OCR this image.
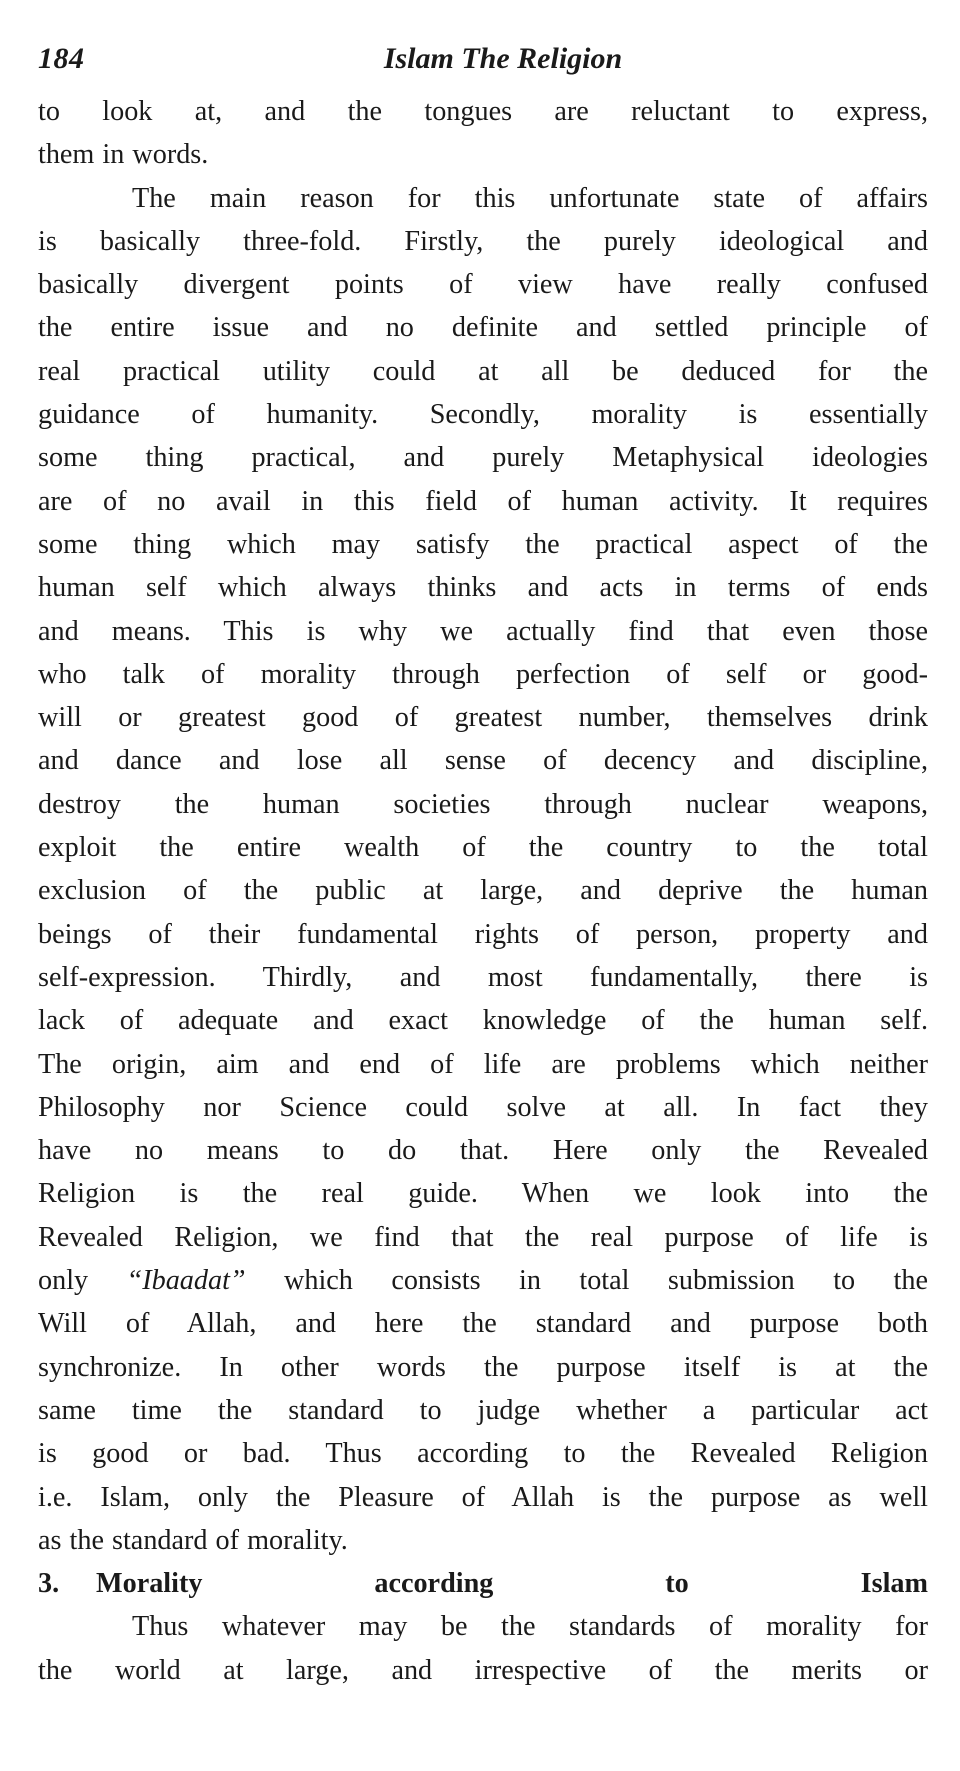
184	Islam The Religion
to look at, and the tongues are reluctant to express,
them in words.
The main reason for this unfortunate state of affairs
is basically three-fold. Firstly, the purely ideological and
basically divergent points of view have really confused
the entire issue and no definite and settled principle of
real practical utility could at all be deduced for the
guidance of humanity. Secondly, morality is essentially
some thing practical, and purely Metaphysical ideologies
are of no avail in this field of human activity. It requires
some thing which may satisfy the practical aspect of the
human self which always thinks and acts in terms of ends
and means. This is why we actually find that even those
who talk of morality through perfection of self or good-
will or greatest good of greatest number, themselves drink
and dance and lose all sense of decency and discipline,
destroy the human societies through nuclear weapons,
exploit the entire wealth of the country to the total
exclusion of the public at large, and deprive the human
beings of their fundamental rights of person, property and
self-expression. Thirdly, and most fundamentally, there is
lack of adequate and exact knowledge of the human self.
The origin, aim and end of life are problems which neither
Philosophy nor Science could solve at all. In fact they
have no means to do that. Here only the Revealed
Religion is the real guide. When we look into the
Revealed Religion, we find that the real purpose of life is
only “Ibaadat” which consists in total submission to the
Will of Allah, and here the standard and purpose both
synchronize. In other words the purpose itself is at the
same time the standard to judge whether a particular act
is good or bad. Thus according to the Revealed Religion
i.e. Islam, only the Pleasure of Allah is the purpose as well
as the standard of morality.
3. Morality according to Islam
Thus whatever may be the standards of morality for
the world at large, and irrespective of the merits or
